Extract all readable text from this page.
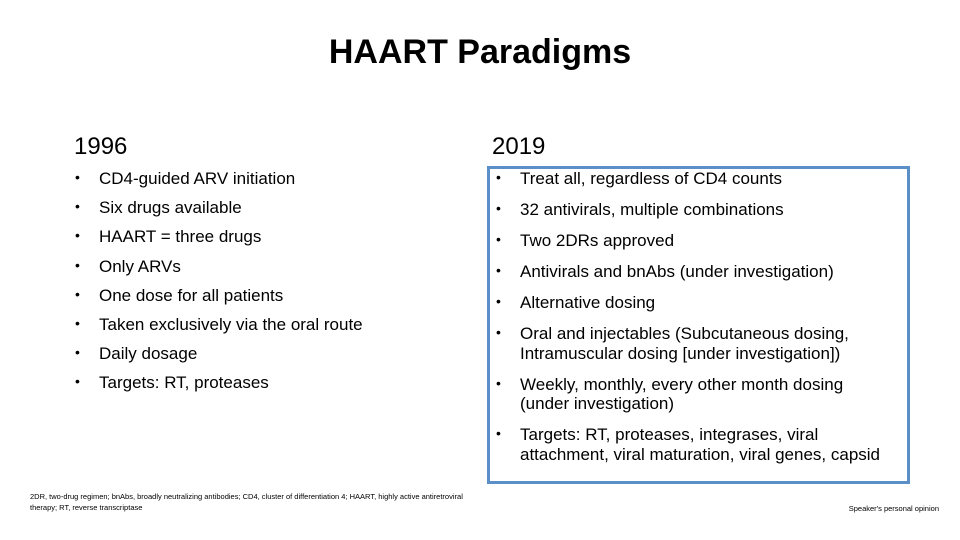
HAART Paradigms
1996	2019
• CD4-guided ARV initiation
• Six drugs available
• HAART = three drugs
• Only ARVs
• One dose for all patients
• Taken exclusively via the oral route
• Daily dosage
• Targets: RT, proteases
• Treat all, regardless of CD4 counts
• 32 antivirals, multiple combinations
• Two 2DRs approved
• Antivirals and bnAbs (under investigation)
• Alternative dosing
• Oral and injectables (Subcutaneous dosing, Intramuscular dosing [under investigation])
• Weekly, monthly, every other month dosing (under investigation)
• Targets: RT, proteases, integrases, viral attachment, viral maturation, viral genes, capsid
2DR, two-drug regimen; bnAbs, broadly neutralizing antibodies; CD4, cluster of differentiation 4; HAART, highly active antiretroviral therapy; RT, reverse transcriptase	Speaker's personal opinion
